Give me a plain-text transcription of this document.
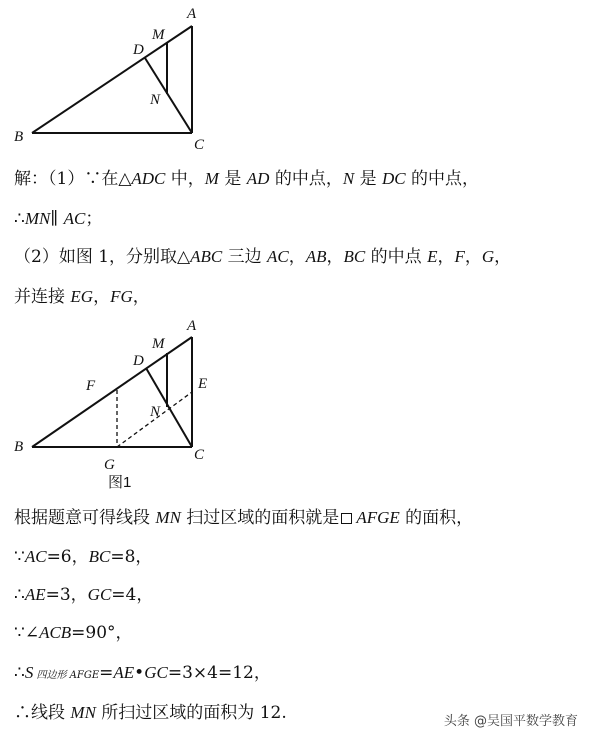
A
B	C
D
M
N
A
B	C
D
M
N
E
F
G
图1
解：（1）∵在△ADC 中，M 是 AD 的中点，N 是 DC 的中点，
∴MN∥ AC；
（2）如图 1，分别取△ABC 三边 AC，AB，BC 的中点 E，F，G，
并连接 EG，FG，
根据题意可得线段 MN 扫过区域的面积就是 AFGE 的面积，
∵AC=6，BC=8，
∴AE=3，GC=4，
∵∠ACB=90°，
∴S 四边形 AFGE=AE•GC=3×4=12，
∴线段 MN 所扫过区域的面积为 12.	头条 @吴国平数学教育
